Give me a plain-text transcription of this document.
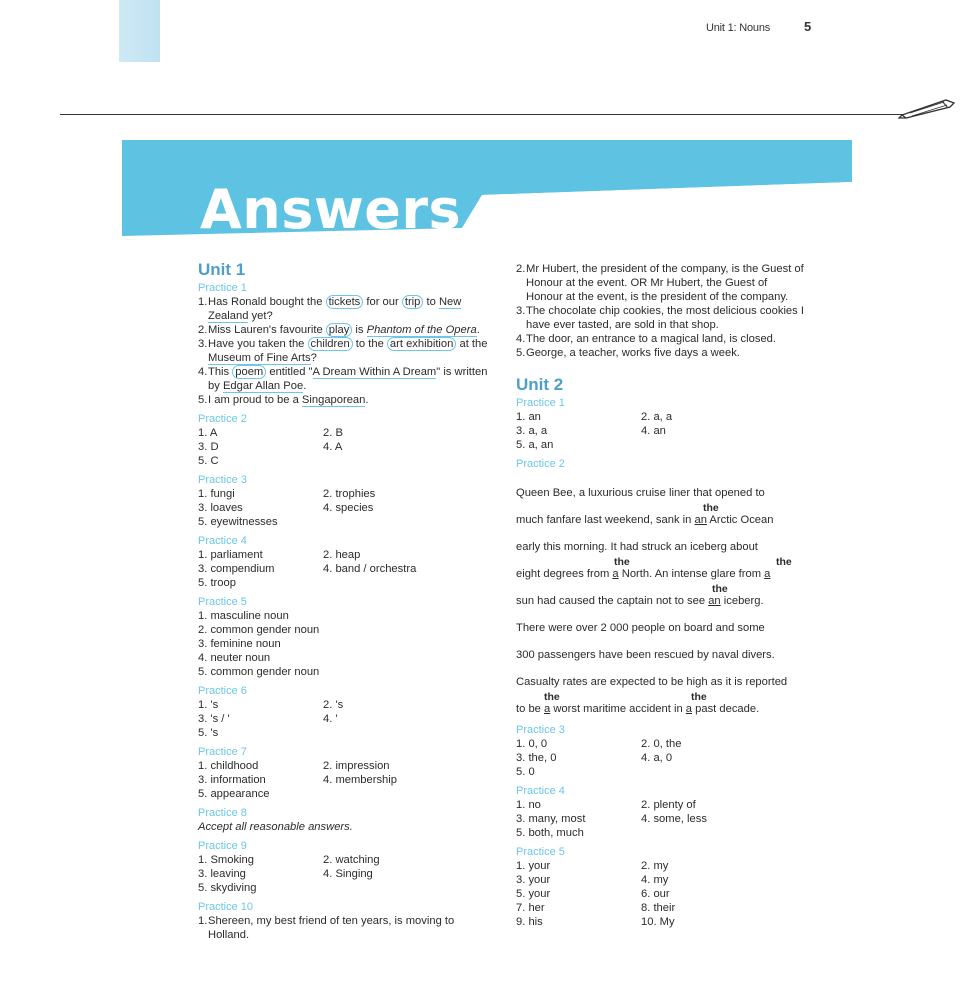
Unit 1: Nouns	5
Answers
Unit 1
Practice 1
1. Has Ronald bought the tickets for our trip to New Zealand yet?
2. Miss Lauren's favourite play is Phantom of the Opera.
3. Have you taken the children to the art exhibition at the Museum of Fine Arts?
4. This poem entitled "A Dream Within A Dream" is written by Edgar Allan Poe.
5. I am proud to be a Singaporean.
Practice 2
1. A	2. B
3. D	4. A
5. C
Practice 3
1. fungi	2. trophies
3. loaves	4. species
5. eyewitnesses
Practice 4
1. parliament	2. heap
3. compendium	4. band / orchestra
5. troop
Practice 5
1. masculine noun
2. common gender noun
3. feminine noun
4. neuter noun
5. common gender noun
Practice 6
1. 's	2. 's
3. 's / '	4. '
5. 's
Practice 7
1. childhood	2. impression
3. information	4. membership
5. appearance
Practice 8
Accept all reasonable answers.
Practice 9
1. Smoking	2. watching
3. leaving	4. Singing
5. skydiving
Practice 10
1. Shereen, my best friend of ten years, is moving to Holland.
2. Mr Hubert, the president of the company, is the Guest of Honour at the event. OR Mr Hubert, the Guest of Honour at the event, is the president of the company.
3. The chocolate chip cookies, the most delicious cookies I have ever tasted, are sold in that shop.
4. The door, an entrance to a magical land, is closed.
5. George, a teacher, works five days a week.
Unit 2
Practice 1
1. an	2. a, a
3. a, a	4. an
5. a, an
Practice 2
Queen Bee, a luxurious cruise liner that opened to
the
much fanfare last weekend, sank in an Arctic Ocean
early this morning. It had struck an iceberg about
the	the
eight degrees from a North. An intense glare from a
the
sun had caused the captain not to see an iceberg.
There were over 2 000 people on board and some
300 passengers have been rescued by naval divers.
Casualty rates are expected to be high as it is reported
the	the
to be a worst maritime accident in a past decade.
Practice 3
1. 0, 0	2. 0, the
3. the, 0	4. a, 0
5. 0
Practice 4
1. no	2. plenty of
3. many, most	4. some, less
5. both, much
Practice 5
1. your	2. my
3. your	4. my
5. your	6. our
7. her	8. their
9. his	10. My
